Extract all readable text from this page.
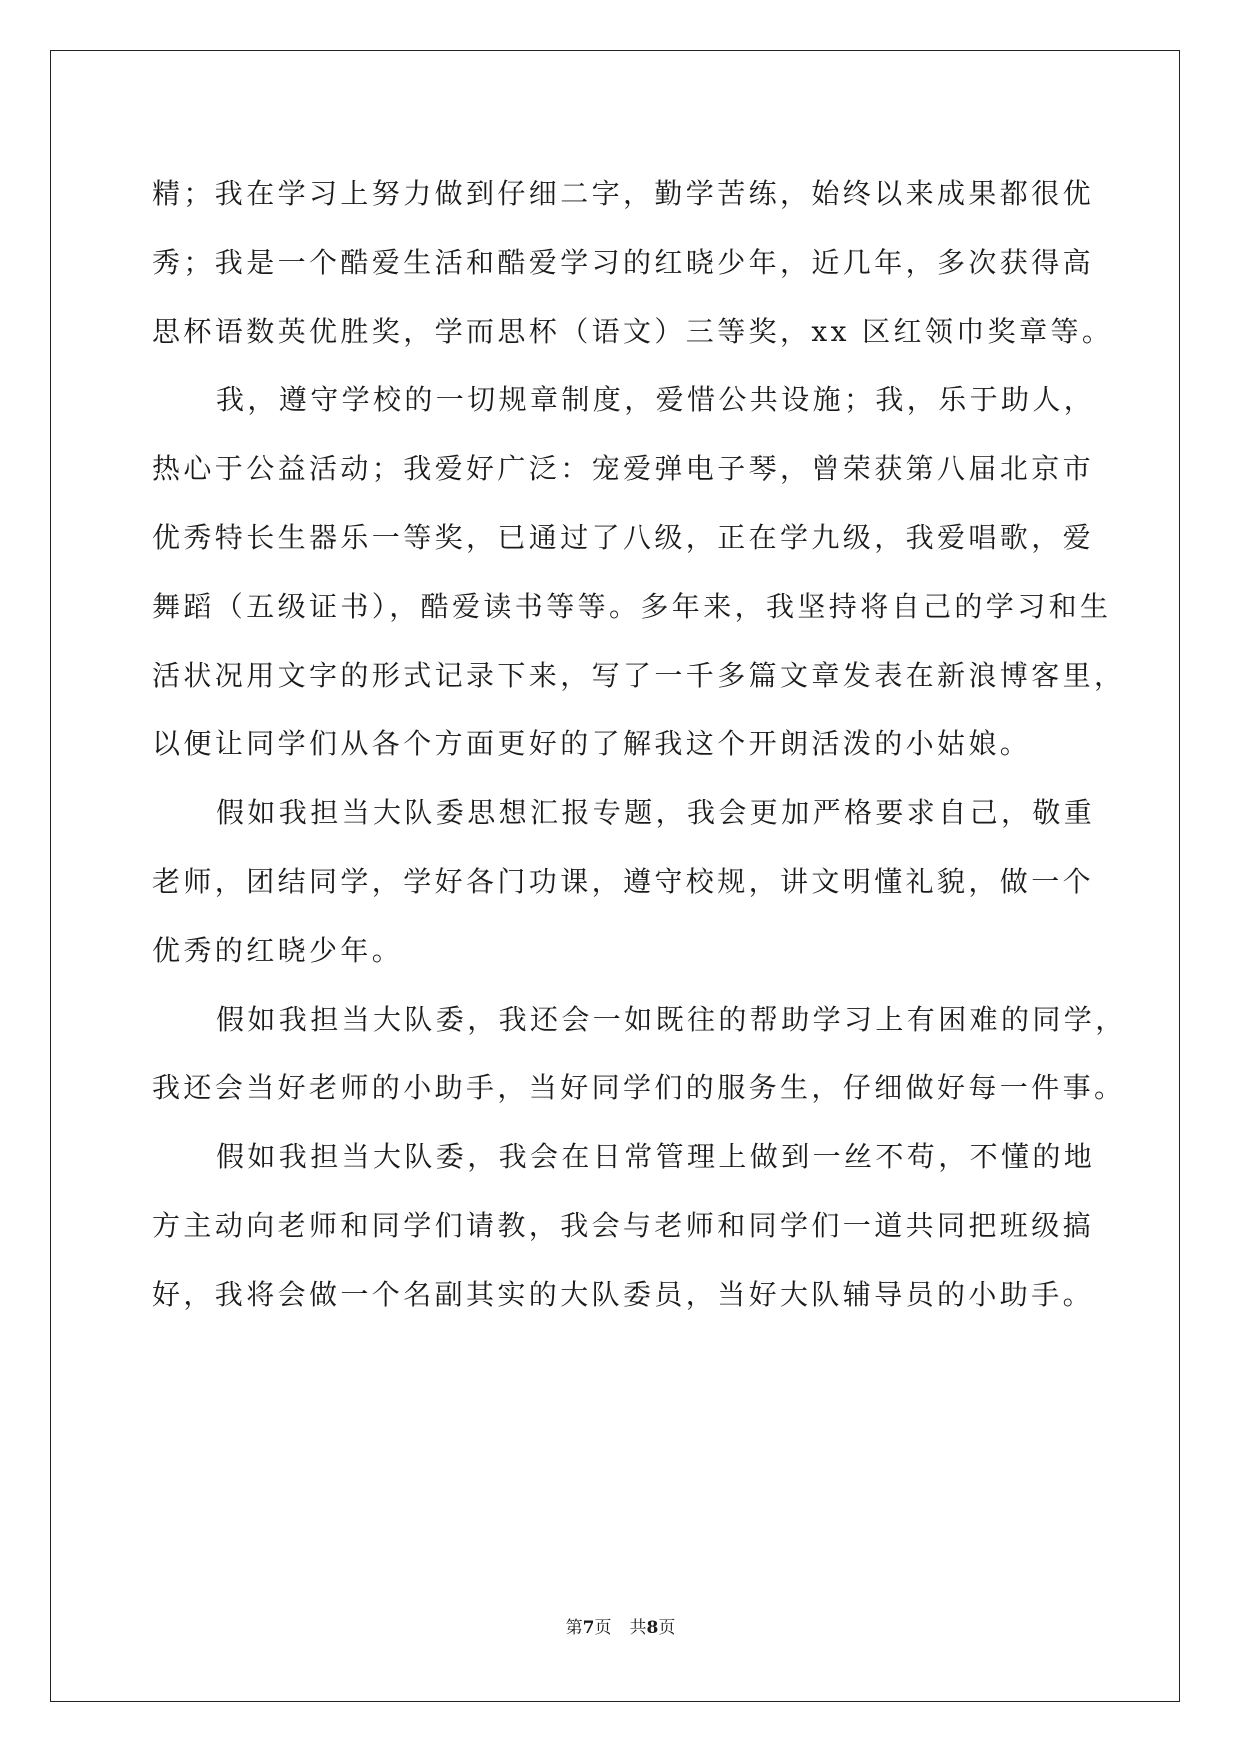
精；我在学习上努力做到仔细二字，勤学苦练，始终以来成果都很优
秀；我是一个酷爱生活和酷爱学习的红晓少年，近几年，多次获得高
思杯语数英优胜奖，学而思杯（语文）三等奖，xx 区红领巾奖章等。
我，遵守学校的一切规章制度，爱惜公共设施；我，乐于助人，
热心于公益活动；我爱好广泛：宠爱弹电子琴，曾荣获第八届北京市
优秀特长生器乐一等奖，已通过了八级，正在学九级，我爱唱歌，爱
舞蹈（五级证书），酷爱读书等等。多年来，我坚持将自己的学习和生
活状况用文字的形式记录下来，写了一千多篇文章发表在新浪博客里，
以便让同学们从各个方面更好的了解我这个开朗活泼的小姑娘。
假如我担当大队委思想汇报专题，我会更加严格要求自己，敬重
老师，团结同学，学好各门功课，遵守校规，讲文明懂礼貌，做一个
优秀的红晓少年。
假如我担当大队委，我还会一如既往的帮助学习上有困难的同学，
我还会当好老师的小助手，当好同学们的服务生，仔细做好每一件事。
假如我担当大队委，我会在日常管理上做到一丝不苟，不懂的地
方主动向老师和同学们请教，我会与老师和同学们一道共同把班级搞
好，我将会做一个名副其实的大队委员，当好大队辅导员的小助手。
第7页 共8页
